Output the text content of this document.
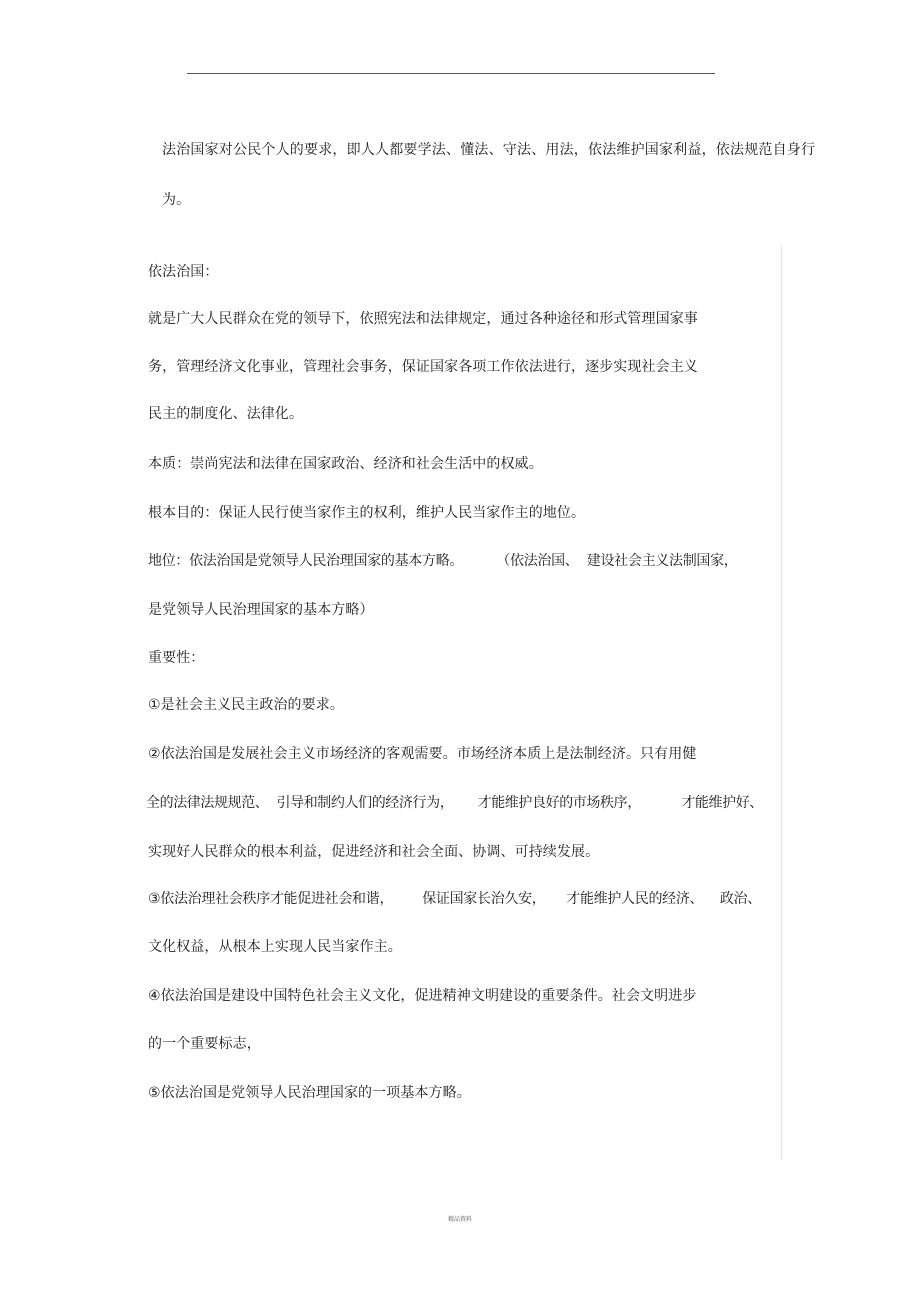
法治国家对公民个人的要求，即人人都要学法、懂法、守法、用法，依法维护国家利益，依法规范自身行
为。
依法治国：
就是广大人民群众在党的领导下，依照宪法和法律规定，通过各种途径和形式管理国家事
务，管理经济文化事业，管理社会事务，保证国家各项工作依法进行，逐步实现社会主义
民主的制度化、法律化。
本质：崇尚宪法和法律在国家政治、经济和社会生活中的权威。
根本目的：保证人民行使当家作主的权利，维护人民当家作主的地位。
地位：依法治国是党领导人民治理国家的基本方略。        （依法治国、  建设社会主义法制国家，
是党领导人民治理国家的基本方略）
重要性：
①是社会主义民主政治的要求。
②依法治国是发展社会主义市场经济的客观需要。市场经济本质上是法制经济。只有用健
全的法律法规规范、  引导和制约人们的经济行为，      才能维护良好的市场秩序，          才能维护好、
实现好人民群众的根本利益，促进经济和社会全面、协调、可持续发展。
③依法治理社会秩序才能促进社会和谐，       保证国家长治久安，     才能维护人民的经济、    政治、
文化权益，从根本上实现人民当家作主。
④依法治国是建设中国特色社会主义文化，促进精神文明建设的重要条件。社会文明进步
的一个重要标志，
⑤依法治国是党领导人民治理国家的一项基本方略。
精品资料
